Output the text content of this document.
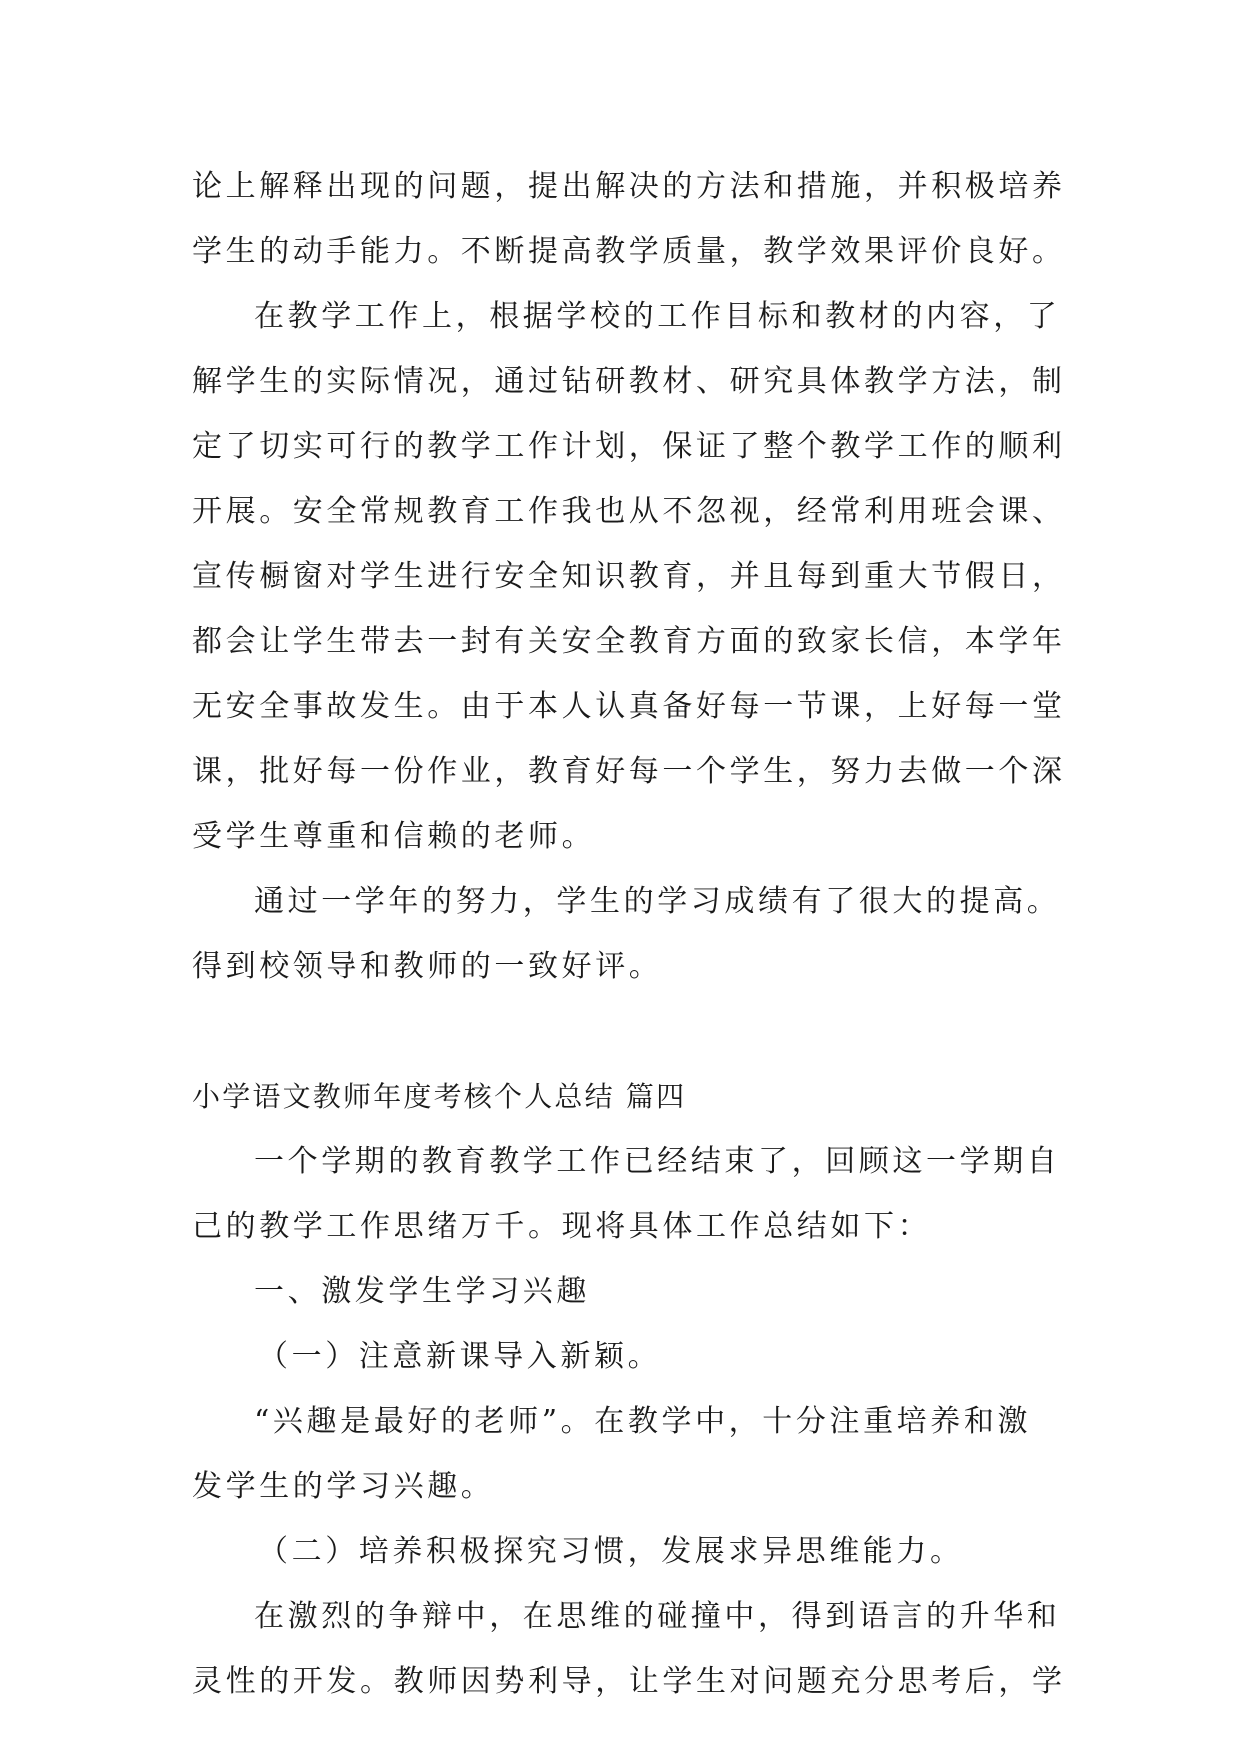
论上解释出现的问题，提出解决的方法和措施，并积极培养
学生的动手能力。不断提高教学质量，教学效果评价良好。
在教学工作上，根据学校的工作目标和教材的内容，了
解学生的实际情况，通过钻研教材、研究具体教学方法，制
定了切实可行的教学工作计划，保证了整个教学工作的顺利
开展。安全常规教育工作我也从不忽视，经常利用班会课、
宣传橱窗对学生进行安全知识教育，并且每到重大节假日，
都会让学生带去一封有关安全教育方面的致家长信，本学年
无安全事故发生。由于本人认真备好每一节课，上好每一堂
课，批好每一份作业，教育好每一个学生，努力去做一个深
受学生尊重和信赖的老师。
通过一学年的努力，学生的学习成绩有了很大的提高。
得到校领导和教师的一致好评。
小学语文教师年度考核个人总结 篇四
一个学期的教育教学工作已经结束了，回顾这一学期自
己的教学工作思绪万千。现将具体工作总结如下：
一、激发学生学习兴趣
（一）注意新课导入新颖。
“兴趣是最好的老师”。在教学中，十分注重培养和激
发学生的学习兴趣。
（二）培养积极探究习惯，发展求异思维能力。
在激烈的争辩中，在思维的碰撞中，得到语言的升华和
灵性的开发。教师因势利导，让学生对问题充分思考后，学
